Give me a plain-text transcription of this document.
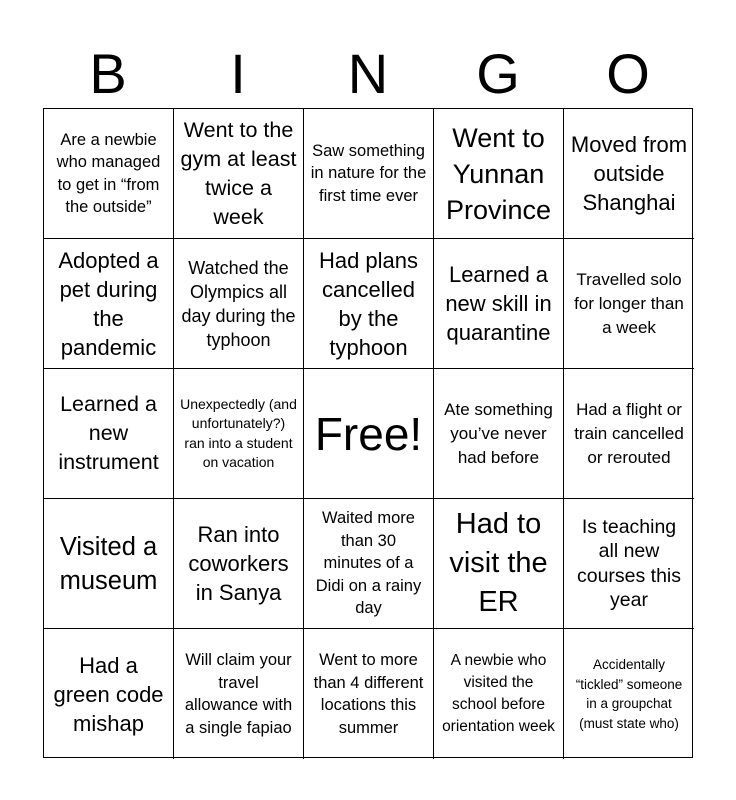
B	I	N	G	O
Are a newbie who managed to get in “from the outside”
Went to the gym at least twice a week
Saw something in nature for the first time ever
Went to Yunnan Province
Moved from outside Shanghai
Adopted a pet during the pandemic
Watched the Olympics all day during the typhoon
Had plans cancelled by the typhoon
Learned a new skill in quarantine
Travelled solo for longer than a week
Learned a new instrument
Unexpectedly (and unfortunately?) ran into a student on vacation
Free! Ate something you’ve never had before
Had a flight or train cancelled or rerouted
Visited a museum
Ran into coworkers in Sanya
Waited more than 30 minutes of a Didi on a rainy day
Had to visit the ER
Is teaching all new courses this year
Had a green code mishap
Will claim your travel allowance with a single fapiao
Went to more than 4 different locations this summer
A newbie who visited the school before orientation week
Accidentally “tickled” someone in a groupchat (must state who)
